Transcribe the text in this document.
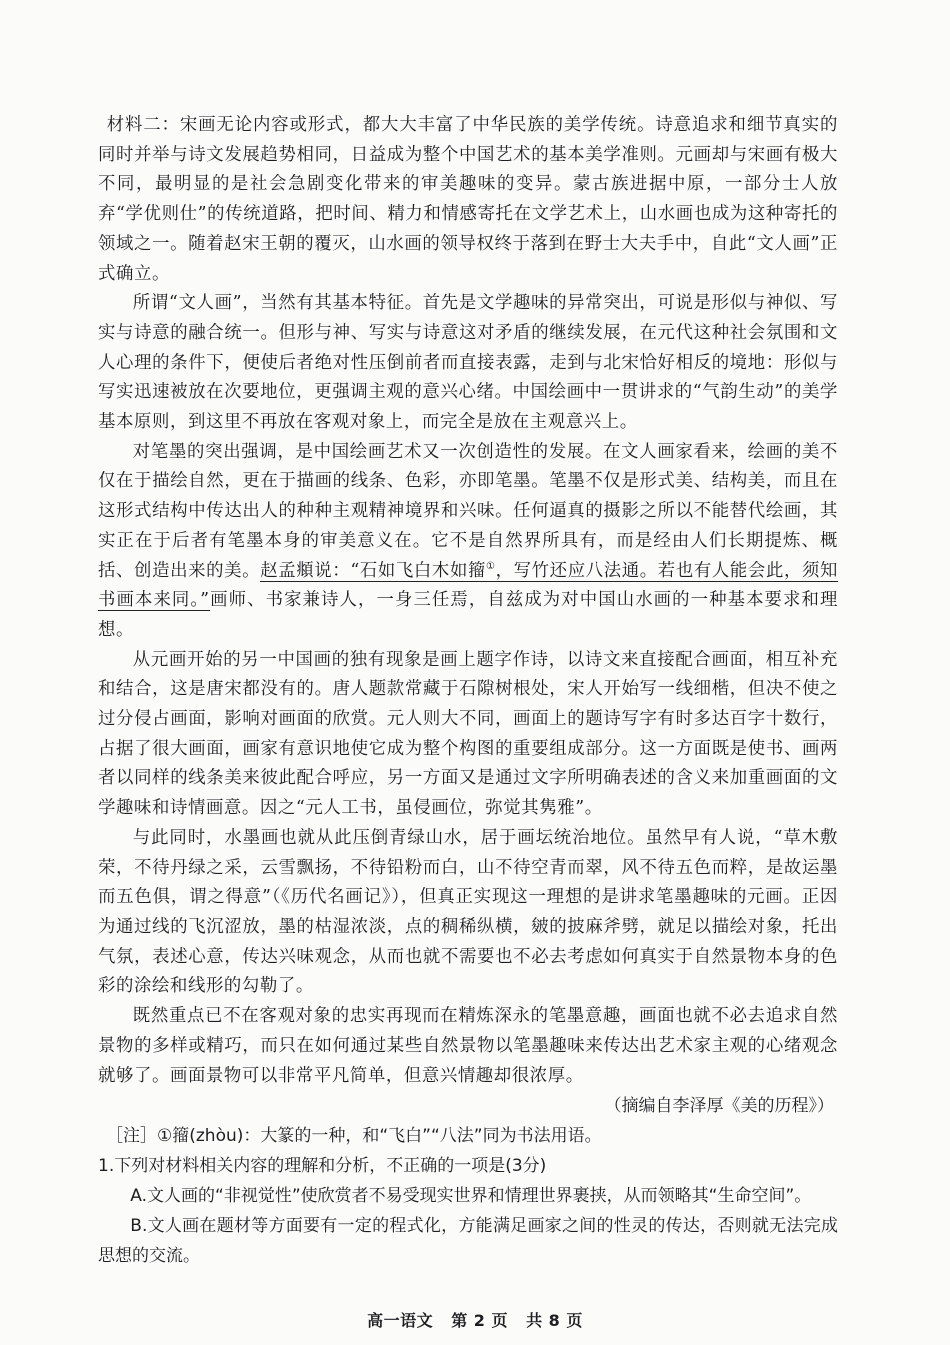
材料二：宋画无论内容或形式，都大大丰富了中华民族的美学传统。诗意追求和细节真实的同时并举与诗文发展趋势相同，日益成为整个中国艺术的基本美学准则。元画却与宋画有极大不同，最明显的是社会急剧变化带来的审美趣味的变异。蒙古族进据中原，一部分士人放弃“学优则仕”的传统道路，把时间、精力和情感寄托在文学艺术上，山水画也成为这种寄托的领域之一。随着赵宋王朝的覆灭，山水画的领导权终于落到在野士大夫手中，自此“文人画”正式确立。

所谓“文人画”，当然有其基本特征。首先是文学趣味的异常突出，可说是形似与神似、写实与诗意的融合统一。但形与神、写实与诗意这对矛盾的继续发展，在元代这种社会氛围和文人心理的条件下，便使后者绝对性压倒前者而直接表露，走到与北宋恰好相反的境地：形似与写实迅速被放在次要地位，更强调主观的意兴心绪。中国绘画中一贯讲求的“气韵生动”的美学基本原则，到这里不再放在客观对象上，而完全是放在主观意兴上。

对笔墨的突出强调，是中国绘画艺术又一次创造性的发展。在文人画家看来，绘画的美不仅在于描绘自然，更在于描画的线条、色彩，亦即笔墨。笔墨不仅是形式美、结构美，而且在这形式结构中传达出人的种种主观精神境界和兴味。任何逼真的摄影之所以不能替代绘画，其实正在于后者有笔墨本身的审美意义在。它不是自然界所具有，而是经由人们长期提炼、概括、创造出来的美。赵孟頫说：“石如飞白木如籀①，写竹还应八法通。若也有人能会此，须知书画本来同。”画师、书家兼诗人，一身三任焉，自兹成为对中国山水画的一种基本要求和理想。

从元画开始的另一中国画的独有现象是画上题字作诗，以诗文来直接配合画面，相互补充和结合，这是唐宋都没有的。唐人题款常藏于石隙树根处，宋人开始写一线细楷，但决不使之过分侵占画面，影响对画面的欣赏。元人则大不同，画面上的题诗写字有时多达百字十数行，占据了很大画面，画家有意识地使它成为整个构图的重要组成部分。这一方面既是使书、画两者以同样的线条美来彼此配合呼应，另一方面又是通过文字所明确表述的含义来加重画面的文学趣味和诗情画意。因之“元人工书，虽侵画位，弥觉其隽雅”。

与此同时，水墨画也就从此压倒青绿山水，居于画坛统治地位。虽然早有人说，“草木敷荣，不待丹绿之采，云雪飘扬，不待铅粉而白，山不待空青而翠，风不待五色而粹，是故运墨而五色俱，谓之得意”（《历代名画记》），但真正实现这一理想的是讲求笔墨趣味的元画。正因为通过线的飞沉涩放，墨的枯湿浓淡，点的稠稀纵横，皴的披麻斧劈，就足以描绘对象，托出气氛，表述心意，传达兴味观念，从而也就不需要也不必去考虑如何真实于自然景物本身的色彩的涂绘和线形的勾勒了。

既然重点已不在客观对象的忠实再现而在精炼深永的笔墨意趣，画面也就不必去追求自然景物的多样或精巧，而只在如何通过某些自然景物以笔墨趣味来传达出艺术家主观的心绪观念就够了。画面景物可以非常平凡简单，但意兴情趣却很浓厚。

（摘编自李泽厚《美的历程》）

［注］①籀(zhòu)：大篆的一种，和“飞白”“八法”同为书法用语。

1.下列对材料相关内容的理解和分析，不正确的一项是(3分)

A.文人画的“非视觉性”使欣赏者不易受现实世界和情理世界裹挟，从而领略其“生命空间”。

B.文人画在题材等方面要有一定的程式化，方能满足画家之间的性灵的传达，否则就无法完成思想的交流。

高一语文 第 2 页 共 8 页
